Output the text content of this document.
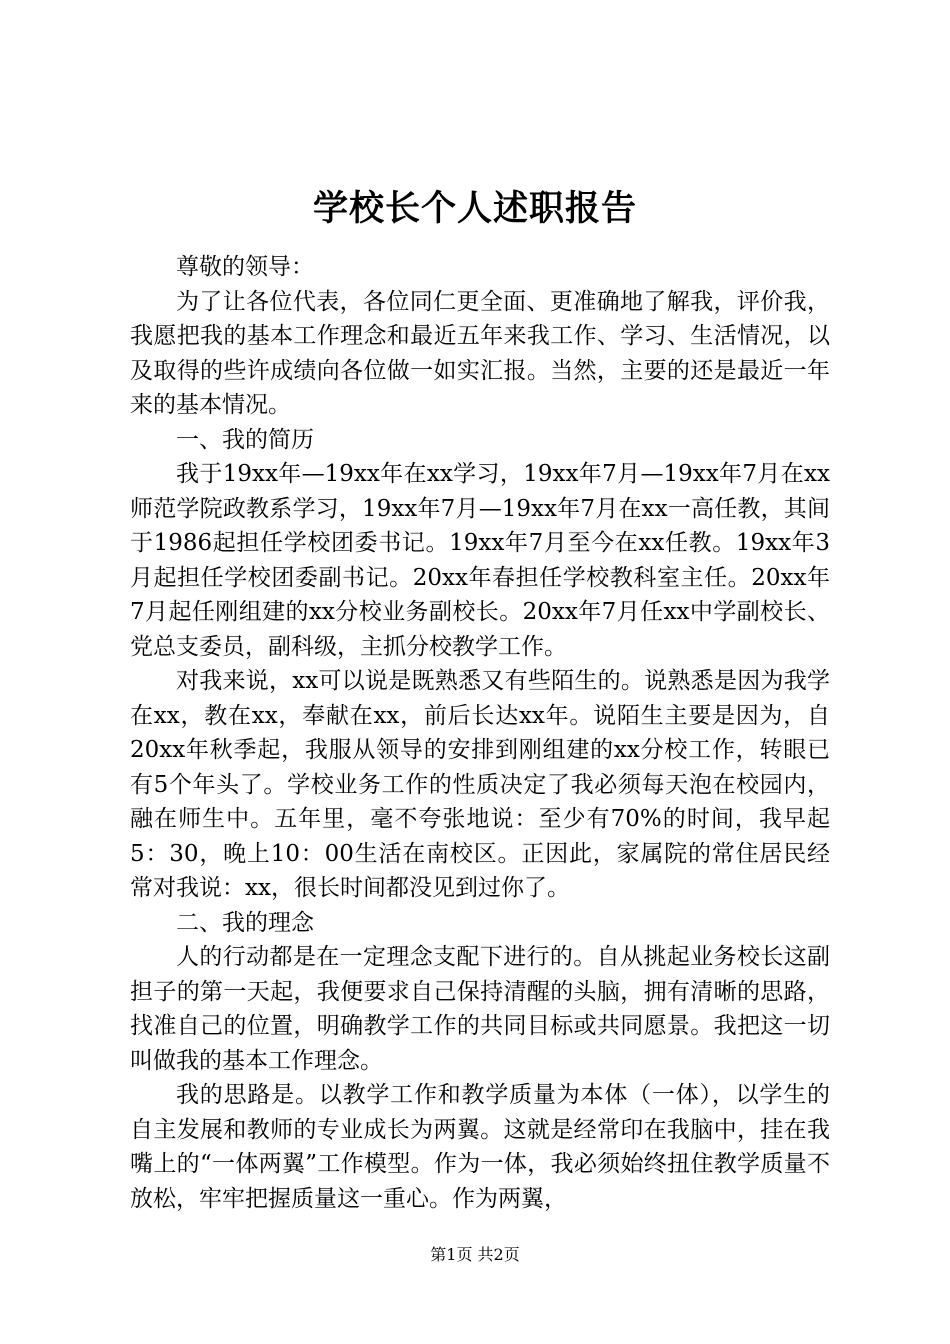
学校长个人述职报告

尊敬的领导：

为了让各位代表，各位同仁更全面、更准确地了解我，评价我，我愿把我的基本工作理念和最近五年来我工作、学习、生活情况，以及取得的些许成绩向各位做一如实汇报。当然，主要的还是最近一年来的基本情况。

一、我的简历

我于19xx年—19xx年在xx学习，19xx年7月—19xx年7月在xx师范学院政教系学习，19xx年7月—19xx年7月在xx一高任教，其间于1986起担任学校团委书记。19xx年7月至今在xx任教。19xx年3月起担任学校团委副书记。20xx年春担任学校教科室主任。20xx年7月起任刚组建的xx分校业务副校长。20xx年7月任xx中学副校长、党总支委员，副科级，主抓分校教学工作。

对我来说，xx可以说是既熟悉又有些陌生的。说熟悉是因为我学在xx，教在xx，奉献在xx，前后长达xx年。说陌生主要是因为，自20xx年秋季起，我服从领导的安排到刚组建的xx分校工作，转眼已有5个年头了。学校业务工作的性质决定了我必须每天泡在校园内，融在师生中。五年里，毫不夸张地说：至少有70%的时间，我早起5：30，晚上10：00生活在南校区。正因此，家属院的常住居民经常对我说：xx，很长时间都没见到过你了。

二、我的理念

人的行动都是在一定理念支配下进行的。自从挑起业务校长这副担子的第一天起，我便要求自己保持清醒的头脑，拥有清晰的思路，找准自己的位置，明确教学工作的共同目标或共同愿景。我把这一切叫做我的基本工作理念。

我的思路是。以教学工作和教学质量为本体（一体），以学生的自主发展和教师的专业成长为两翼。这就是经常印在我脑中，挂在我嘴上的“一体两翼”工作模型。作为一体，我必须始终扭住教学质量不放松，牢牢把握质量这一重心。作为两翼，

第1页 共2页
